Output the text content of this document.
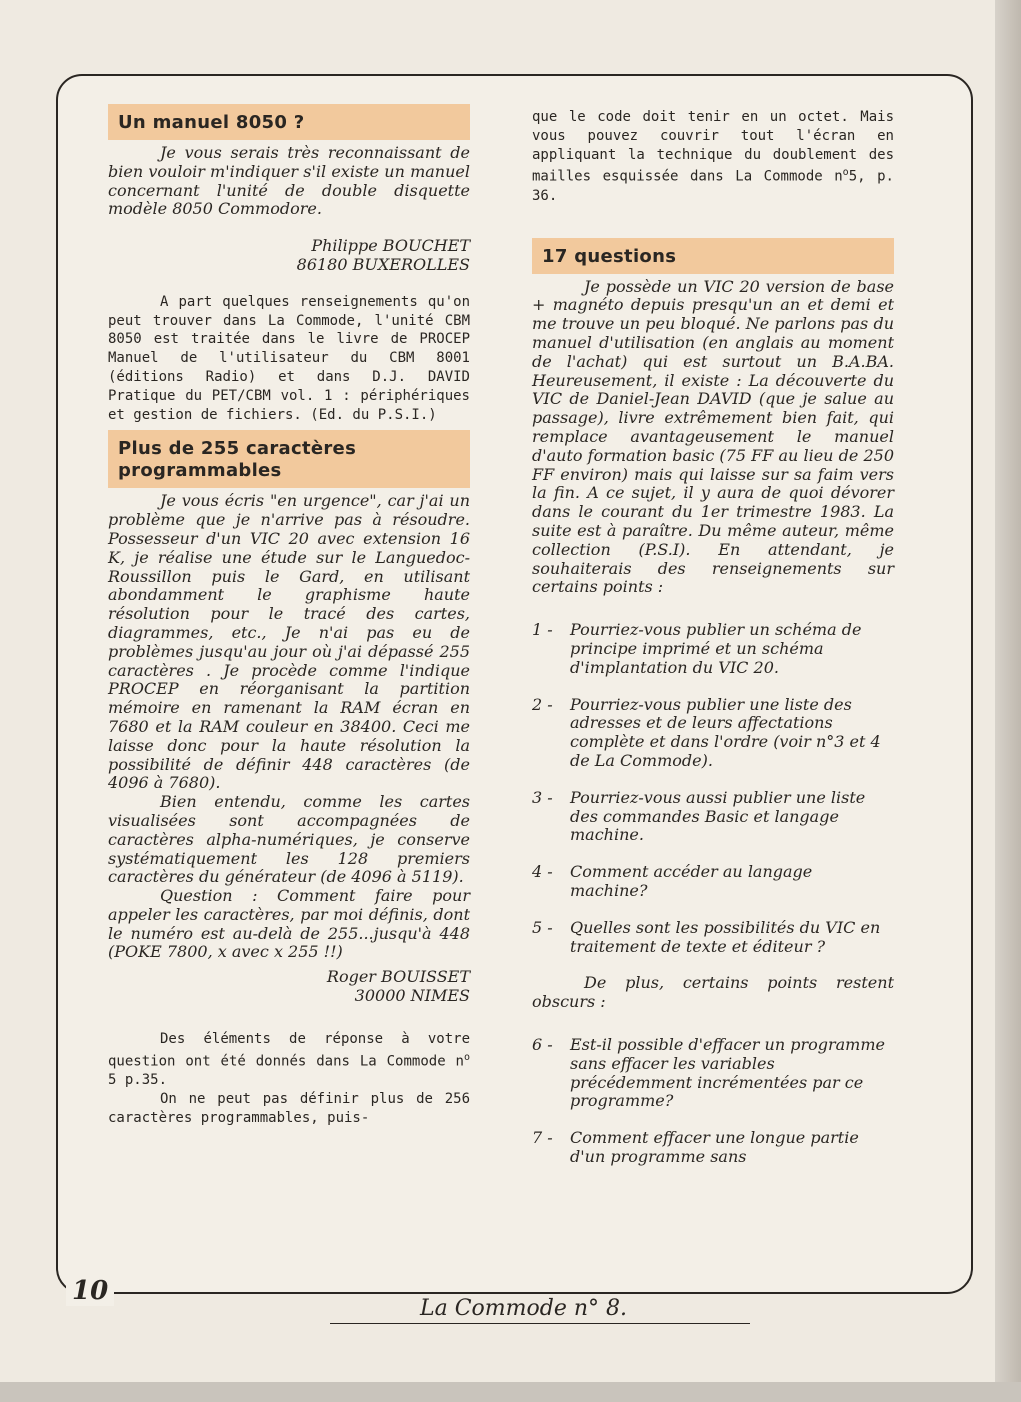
Un manuel 8050 ?

Je vous serais très reconnaissant de bien vouloir m'indiquer s'il existe un manuel concernant l'unité de double disquette modèle 8050 Commodore.

Philippe BOUCHET

86180 BUXEROLLES

A part quelques renseignements qu'on peut trouver dans La Commode, l'unité CBM 8050 est traitée dans le livre de PROCEP Manuel de l'utilisateur du CBM 8001 (éditions Radio) et dans D.J. DAVID Pratique du PET/CBM vol. 1 : périphériques et gestion de fichiers. (Ed. du P.S.I.)

Plus de 255 caractères programmables

Je vous écris "en urgence", car j'ai un problème que je n'arrive pas à résoudre. Possesseur d'un VIC 20 avec extension 16 K, je réalise une étude sur le Languedoc-Roussillon puis le Gard, en utilisant abondamment le graphisme haute résolution pour le tracé des cartes, diagrammes, etc., Je n'ai pas eu de problèmes jusqu'au jour où j'ai dépassé 255 caractères . Je procède comme l'indique PROCEP en réorganisant la partition mémoire en ramenant la RAM écran en 7680 et la RAM couleur en 38400. Ceci me laisse donc pour la haute résolution la possibilité de définir 448 caractères (de 4096 à 7680).

Bien entendu, comme les cartes visualisées sont accompagnées de caractères alpha-numériques, je conserve systématiquement les 128 premiers caractères du générateur (de 4096 à 5119).

Question : Comment faire pour appeler les caractères, par moi définis, dont le numéro est au-delà de 255...jusqu'à 448 (POKE 7800, x avec x 255 !!)

Roger BOUISSET

30000 NIMES

Des éléments de réponse à votre question ont été donnés dans La Commode $n^o$ 5 p.35.

On ne peut pas définir plus de 256 caractères programmables, puis-

que le code doit tenir en un octet. Mais vous pouvez couvrir tout l'écran en appliquant la technique du doublement des mailles esquissée dans La Commode $n^o5$, p. 36.

17 questions

Je possède un VIC 20 version de base + magnéto depuis presqu'un an et demi et me trouve un peu bloqué. Ne parlons pas du manuel d'utilisation (en anglais au moment de l'achat) qui est surtout un B.A.BA. Heureusement, il existe : La découverte du VIC de Daniel-Jean DAVID (que je salue au passage), livre extrêmement bien fait, qui remplace avantageusement le manuel d'auto formation basic (75 FF au lieu de 250 FF environ) mais qui laisse sur sa faim vers la fin. A ce sujet, il y aura de quoi dévorer dans le courant du 1er trimestre 1983. La suite est à paraître. Du même auteur, même collection (P.S.I). En attendant, je souhaiterais des renseignements sur certains points :

1 -	Pourriez-vous publier un schéma de principe imprimé et un schéma d'implantation du VIC 20.
2 -	Pourriez-vous publier une liste des adresses et de leurs affectations complète et dans l'ordre (voir n°3 et 4 de La Commode).
3 -	Pourriez-vous aussi publier une liste des commandes Basic et langage machine.
4 -	Comment accéder au langage machine?
5 -	Quelles sont les possibilités du VIC en traitement de texte et éditeur ?

De plus, certains points restent obscurs :

6 -	Est-il possible d'effacer un programme sans effacer les variables précédemment incrémentées par ce programme?
7 -	Comment effacer une longue partie d'un programme sans
10
La Commode n° 8.
